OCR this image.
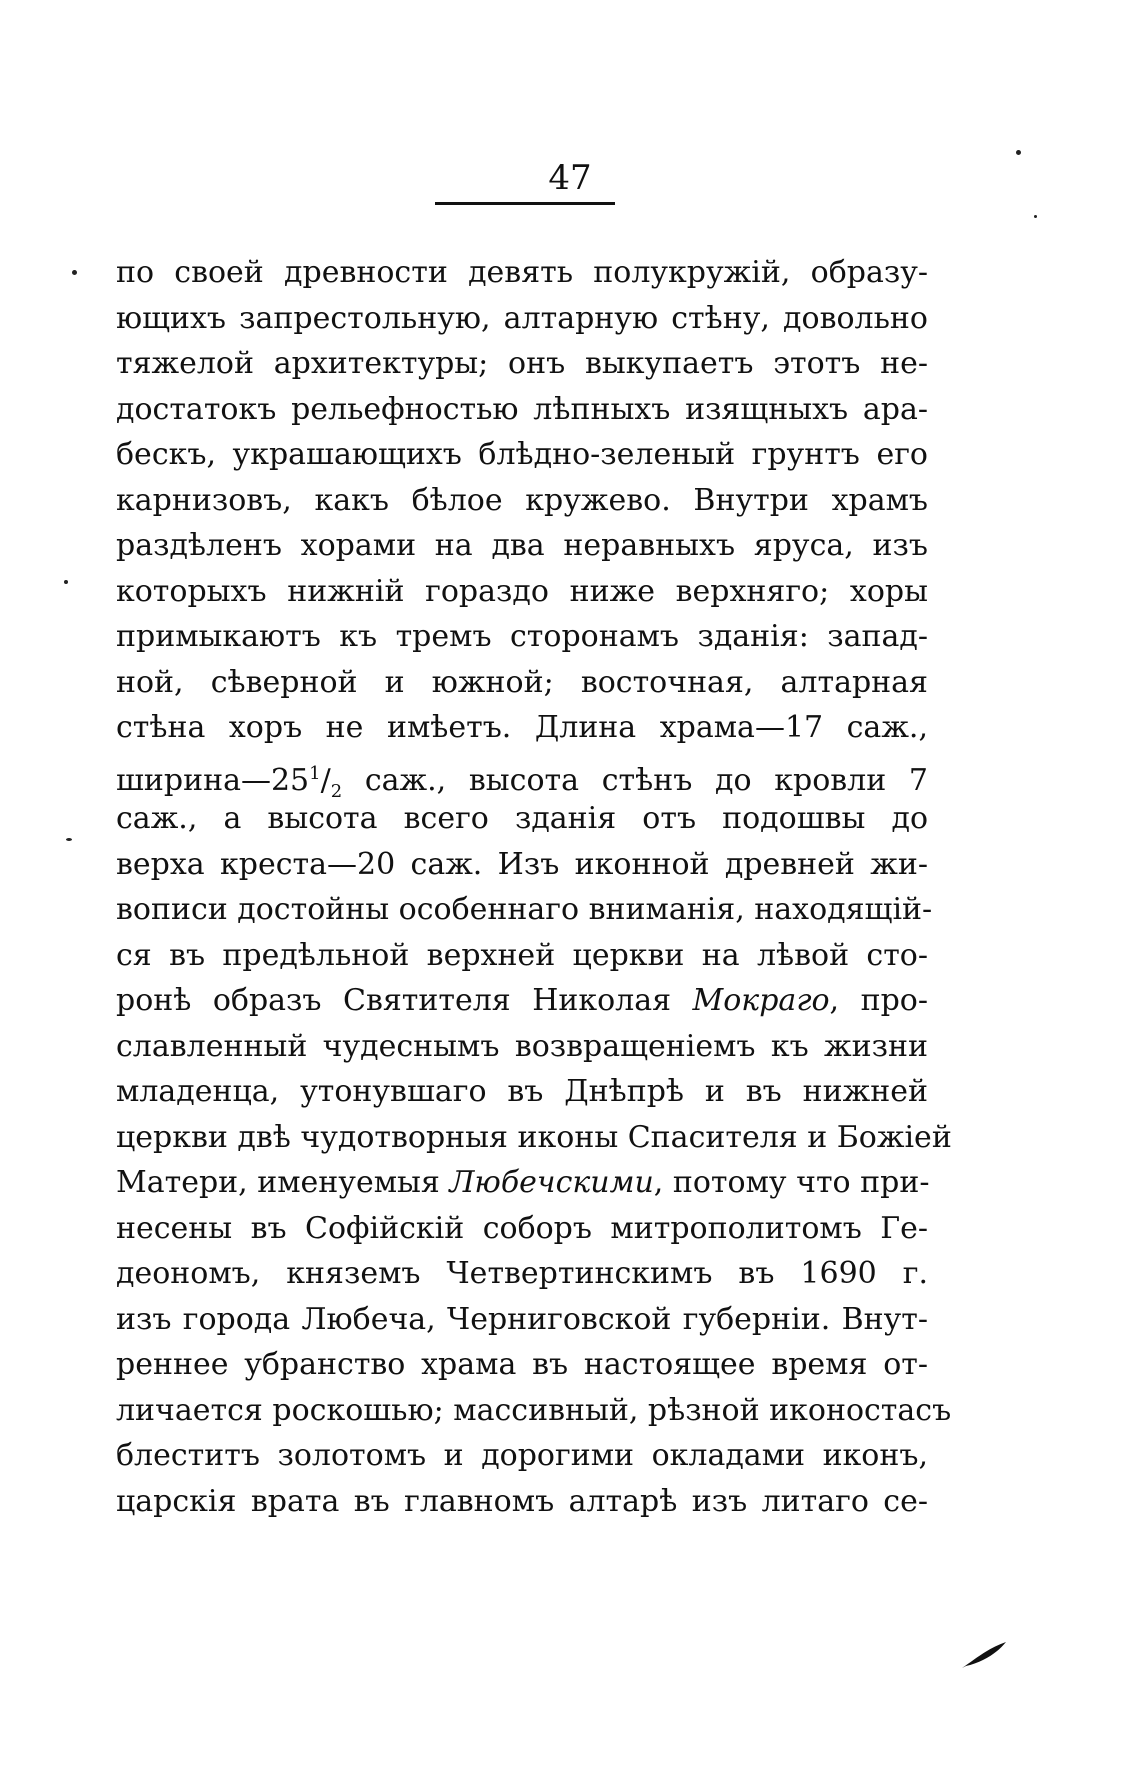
47
по своей древности девять полукружій, образу-
ющихъ запрестольную, алтарную стѣну, довольно
тяжелой архитектуры; онъ выкупаетъ этотъ не-
достатокъ рельефностью лѣпныхъ изящныхъ ара-
бескъ, украшающихъ блѣдно-зеленый грунтъ его
карнизовъ, какъ бѣлое кружево. Внутри храмъ
раздѣленъ хорами на два неравныхъ яруса, изъ
которыхъ нижній гораздо ниже верхняго; хоры
примыкаютъ къ тремъ сторонамъ зданія: запад-
ной, сѣверной и южной; восточная, алтарная
стѣна хоръ не имѣетъ. Длина храма—17 саж.,
$ширина—25^1/_2$ саж., высота стѣнъ до кровли 7
саж., а высота всего зданія отъ подошвы до
верха креста—20 саж. Изъ иконной древней жи-
вописи достойны особеннаго вниманія, находящій-
ся въ предѣльной верхней церкви на лѣвой сто-
ронѣ образъ Святителя Николая Мокраго, про-
славленный чудеснымъ возвращеніемъ къ жизни
младенца, утонувшаго въ Днѣпрѣ и въ нижней
церкви двѣ чудотворныя иконы Спасителя и Божіей
Матери, именуемыя Любечскими, потому что при-
несены въ Софійскій соборъ митрополитомъ Ге-
деономъ, княземъ Четвертинскимъ въ 1690 г.
изъ города Любеча, Черниговской губерніи. Внут-
реннее убранство храма въ настоящее время от-
личается роскошью; массивный, рѣзной иконостасъ
блеститъ золотомъ и дорогими окладами иконъ,
царскія врата въ главномъ алтарѣ изъ литаго се-
